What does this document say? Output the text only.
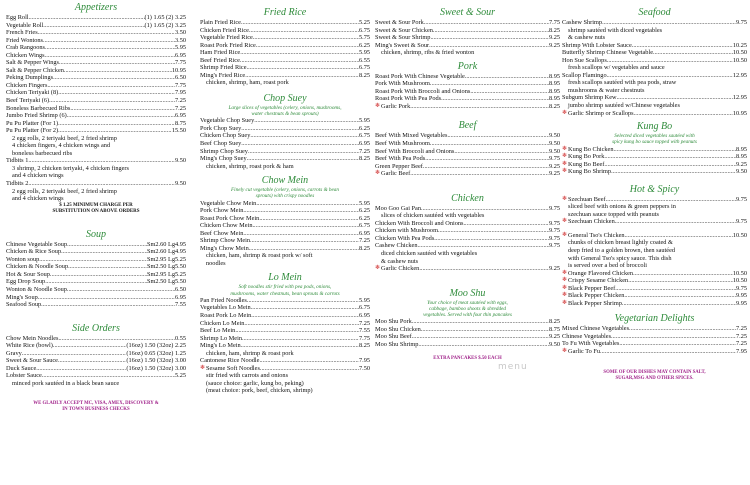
Appetizers
Egg Roll .....	(1) 1.65 (2) 3.25
Vegetable Roll .....	(1) 1.65 (2) 3.25
French Fries .....	3.50
Fried Wontons .....	3.50
Crab Rangoons .....	5.95
Chicken Wings .....	6.95
Salt & Pepper Wings .....	7.75
Salt & Pepper Chicken .....	10.95
Peking Dumplings .....	6.50
Chicken Fingers .....	7.75
Chicken Teriyaki (8) .....	7.95
Beef Teriyaki (6) .....	7.25
Boneless Barbecued Ribs .....	7.25
Jumbo Fried Shrimp (6) .....	6.95
Pu Pu Platter (For 1) .....	8.75
Pu Pu Platter (For 2) .....	15.50
2 egg rolls, 2 teriyaki beef, 2 fried shrimp
4 chicken fingers, 4 chicken wings and
boneless barbecued ribs
Tidbits 1 .....	9.50
3 shrimp, 2 chicken teriyaki, 4 chicken fingers
and 4 chicken wings
Tidbits 2 .....	9.50
2 egg rolls, 2 teriyaki beef, 2 fried shrimp
and 4 chicken wings
$ 1.25 MINIMUM CHARGE PER
SUBSTITUTION ON ABOVE ORDERS
Soup
Chinese Vegetable Soup .....	Sm2.60 Lg4.95
Chicken & Rice Soup .....	Sm2.60 Lg4.95
Wonton soup .....	Sm2.95 Lg5.25
Chicken & Noodle Soup .....	Sm2.50 Lg5.50
Hot & Sour Soup .....	Sm2.95 Lg5.25
Egg Drop Soup .....	Sm2.50 Lg5.50
Wonton & Noodle Soup .....	6.50
Ming's Soup .....	6.95
Seafood Soup .....	7.55
Side Orders
Chow Mein Noodles .....	0.55
White Rice (bowl) .....	(16oz) 1.50 (32oz) 2.25
Gravy .....	(16oz) 0.65 (32oz) 1.25
Sweet & Sour Sauce .....	(16oz) 1.50 (32oz) 3.00
Duck Sauce .....	(16oz) 1.50 (32oz) 3.00
Lobster Sauce .....	5.25
minced pork sautéed in a black bean sauce
WE GLADLY ACCEPT MC, VISA, AMEX, DISCOVERY &
IN TOWN BUSINESS CHECKS
Fried Rice
Plain Fried Rice .....	5.25
Chicken Fried Rice .....	6.75
Vegetable Fried Rice .....	5.75
Roast Pork Fried Rice .....	6.25
Ham Fried Rice .....	5.95
Beef Fried Rice .....	6.55
Shrimp Fried Rice .....	6.75
Ming's Fried Rice .....	8.25
chicken, shrimp, ham, roast pork
Chop Suey
Large slices of vegetables (celery, onions, mushrooms,
water chestnuts & bean sprouts)
Vegetable Chop Suey .....	5.95
Pork Chop Suey .....	6.25
Chicken Chop Suey .....	6.75
Beef Chop Suey .....	6.95
Shrimp Chop Suey .....	7.25
Ming's Chop Suey .....	8.25
chicken, shrimp, roast pork & ham
Chow Mein
Finely cut vegetable (celery, onions, carrots & bean
sprouts) with crispy noodles
Vegetable Chow Mein .....	5.95
Pork Chow Mein .....	6.25
Roast Pork Chow Mein .....	6.25
Chicken Chow Mein .....	6.75
Beef Chow Mein .....	6.95
Shrimp Chow Mein .....	7.25
Ming's Chow Mein .....	8.25
chicken, ham, shrimp & roast pork w/ soft
noodles
Lo Mein
Soft noodles stir fried with pea pods, onions,
mushrooms, water chestnuts, bean sprouts & carrots
Pan Fried Noodles .....	5.95
Vegetables Lo Mein .....	6.75
Roast Pork Lo Mein .....	6.95
Chicken Lo Mein .....	7.25
Beef Lo Mein .....	7.55
Shrimp Lo Mein .....	7.75
Ming's Lo Mein .....	8.25
chicken, ham, shrimp & roast pork
Cantonese Rice Noodle .....	7.95
❄ Sesame Soft Noodles .....	7.50
stir fried with carrots and onions
(sauce choice: garlic, kung bo, peking)
(meat choice: pork, beef, chicken, shrimp)
Sweet & Sour
Sweet & Sour Pork .....	7.75
Sweet & Sour Chicken .....	8.25
Sweet & Sour Shrimp .....	9.25
Ming's Sweet & Sour .....	9.25
chicken, shrimp, ribs & fried wonton
Pork
Roast Pork With Chinese Vegetable .....	8.95
Pork With Mushroom .....	8.95
Roast Pork With Broccoli and Onions .....	8.95
Roast Pork With Pea Pods .....	8.95
❄ Garlic Pork .....	8.25
Beef
Beef With Mixed Vegetables .....	9.50
Beef With Mushroom .....	9.50
Beef With Broccoli and Onions .....	9.50
Beef With Pea Pods .....	9.75
Green Pepper Beef .....	9.25
❄ Garlic Beef .....	9.25
Chicken
Moo Goo Gai Pan .....	9.75
slices of chicken sautéed with vegetables
Chicken With Broccoli and Onions .....	9.75
Chicken with Mushroom .....	9.75
Chicken With Pea Pods .....	9.75
Cashew Chicken .....	9.75
diced chicken sautéed with vegetables
& cashew nuts
❄ Garlic Chicken .....	9.25
Moo Shu
Your choice of meat sautéed with eggs,
cabbage, bamboo shoots & shredded
vegetables. Served with four thin pancakes
Moo Shu Pork .....	8.25
Moo Shu Chicken .....	8.75
Moo Shu Beef .....	9.25
Moo Shu Shrimp .....	9.50
EXTRA PANCAKES $.50 EACH
Seafood
Cashew Shrimp .....	9.75
shrimp sautéed with diced vegetables
& cashew nuts
Shrimp With Lobster Sauce .....	10.25
Butterfly Shrimp Chinese Vegetable .....	10.50
Hon Sue Scallops .....	10.50
fresh scallops w/ vegetables and sauce
Scallop Flamingo .....	12.95
fresh scallops sautéed with pea pods, straw
mushrooms & water chestnuts
Subgum Shrimp Kew .....	12.95
jumbo shrimp sautéed w/Chinese vegetables
❄ Garlic Shrimp or Scallops .....	10.95
Kung Bo
Selected diced vegetables sautéed with
spicy kung bo sauce topped with peanuts
❄ Kung Bo Chicken .....	8.95
❄ Kung Bo Pork .....	8.95
❄ Kung Bo Beef .....	9.25
❄ Kung Bo Shrimp .....	9.50
Hot & Spicy
❄ Szechuan Beef .....	9.75
sliced beef with onions & green peppers in
szechuan sauce topped with peanuts
❄ Szechuan Chicken .....	9.75
❄ General Tso's Chicken .....	10.50
chunks of chicken breast lightly coated &
deep fried to a golden brown, then sautéed
with General Tso's spicy sauce. This dish
is served over a bed of broccoli
❄ Orange Flavored Chicken .....	10.50
❄ Crispy Sesame Chicken .....	10.50
❄ Black Pepper Beef .....	9.75
❄ Black Pepper Chicken .....	9.95
❄ Black Pepper Shrimp .....	9.95
Vegetarian Delights
Mixed Chinese Vegetables .....	7.25
Chinese Vegetables .....	7.25
To Fu With Vegetables .....	7.25
❄ Garlic To Fu .....	7.95
SOME OF OUR DISHES MAY CONTAIN SALT,
SUGAR,MSG AND OTHER SPICES.
menu
